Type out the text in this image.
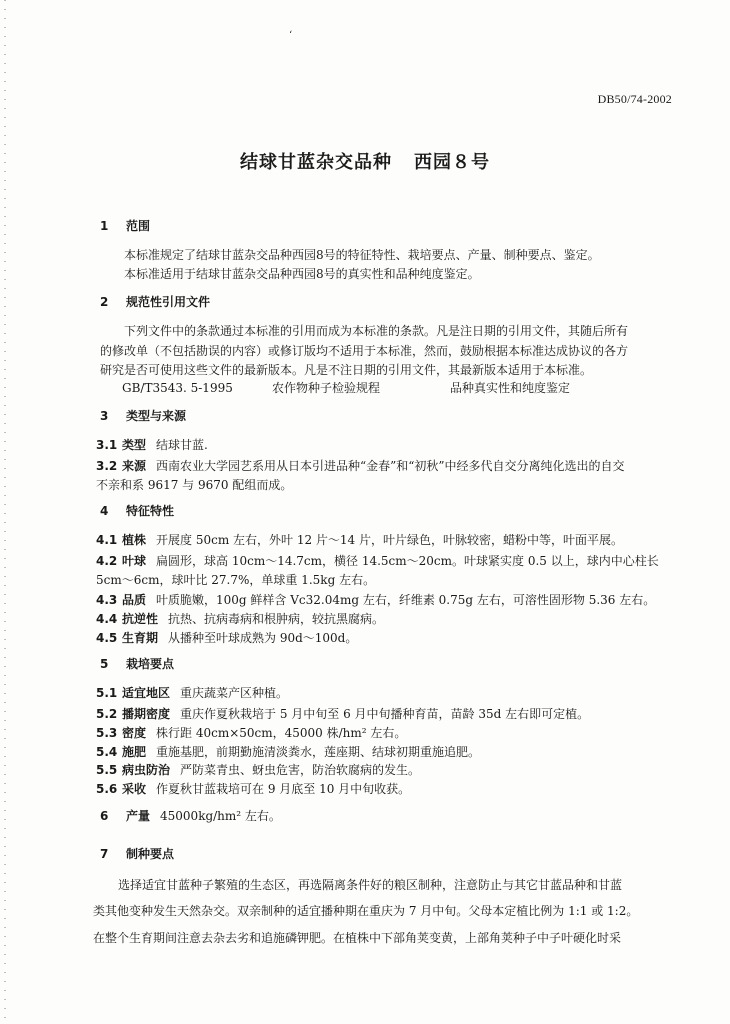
‘
DB50/74-2002
结球甘蓝杂交品种 西园８号
1 范围
本标准规定了结球甘蓝杂交品种西园8号的特征特性、栽培要点、产量、制种要点、鉴定。
本标准适用于结球甘蓝杂交品种西园8号的真实性和品种纯度鉴定。
2 规范性引用文件
下列文件中的条款通过本标准的引用而成为本标准的条款。凡是注日期的引用文件，其随后所有
的修改单（不包括勘误的内容）或修订版均不适用于本标准，然而，鼓励根据本标准达成协议的各方
研究是否可使用这些文件的最新版本。凡是不注日期的引用文件，其最新版本适用于本标准。
GB/T3543. 5-1995	农作物种子检验规程	品种真实性和纯度鉴定
3 类型与来源
3.1 类型 结球甘蓝.
3.2 来源 西南农业大学园艺系用从日本引进品种“金春”和“初秋”中经多代自交分离纯化选出的自交
不亲和系 9617 与 9670 配组而成。
4 特征特性
4.1 植株 开展度 50cm 左右，外叶 12 片～14 片，叶片绿色，叶脉较密，蜡粉中等，叶面平展。
4.2 叶球 扁圆形，球高 10cm～14.7cm，横径 14.5cm～20cm。叶球紧实度 0.5 以上，球内中心柱长
5cm～6cm，球叶比 27.7%，单球重 1.5kg 左右。
4.3 品质 叶质脆嫩，100g 鲜样含 Vc32.04mg 左右，纤维素 0.75g 左右，可溶性固形物 5.36 左右。
4.4 抗逆性 抗热、抗病毒病和根肿病，较抗黑腐病。
4.5 生育期 从播种至叶球成熟为 90d～100d。
5 栽培要点
5.1 适宜地区 重庆蔬菜产区种植。
5.2 播期密度 重庆作夏秋栽培于 5 月中旬至 6 月中旬播种育苗，苗龄 35d 左右即可定植。
5.3 密度 株行距 40cm×50cm，45000 株/hm² 左右。
5.4 施肥 重施基肥，前期勤施清淡粪水，莲座期、结球初期重施追肥。
5.5 病虫防治 严防菜青虫、蚜虫危害，防治软腐病的发生。
5.6 采收 作夏秋甘蓝栽培可在 9 月底至 10 月中旬收获。
6 产量 45000kg/hm² 左右。
7 制种要点
选择适宜甘蓝种子繁殖的生态区，再选隔离条件好的粮区制种，注意防止与其它甘蓝品种和甘蓝
类其他变种发生天然杂交。双亲制种的适宜播种期在重庆为 7 月中旬。父母本定植比例为 1:1 或 1:2。
在整个生育期间注意去杂去劣和追施磷钾肥。在植株中下部角荚变黄，上部角荚种子中子叶硬化时采
